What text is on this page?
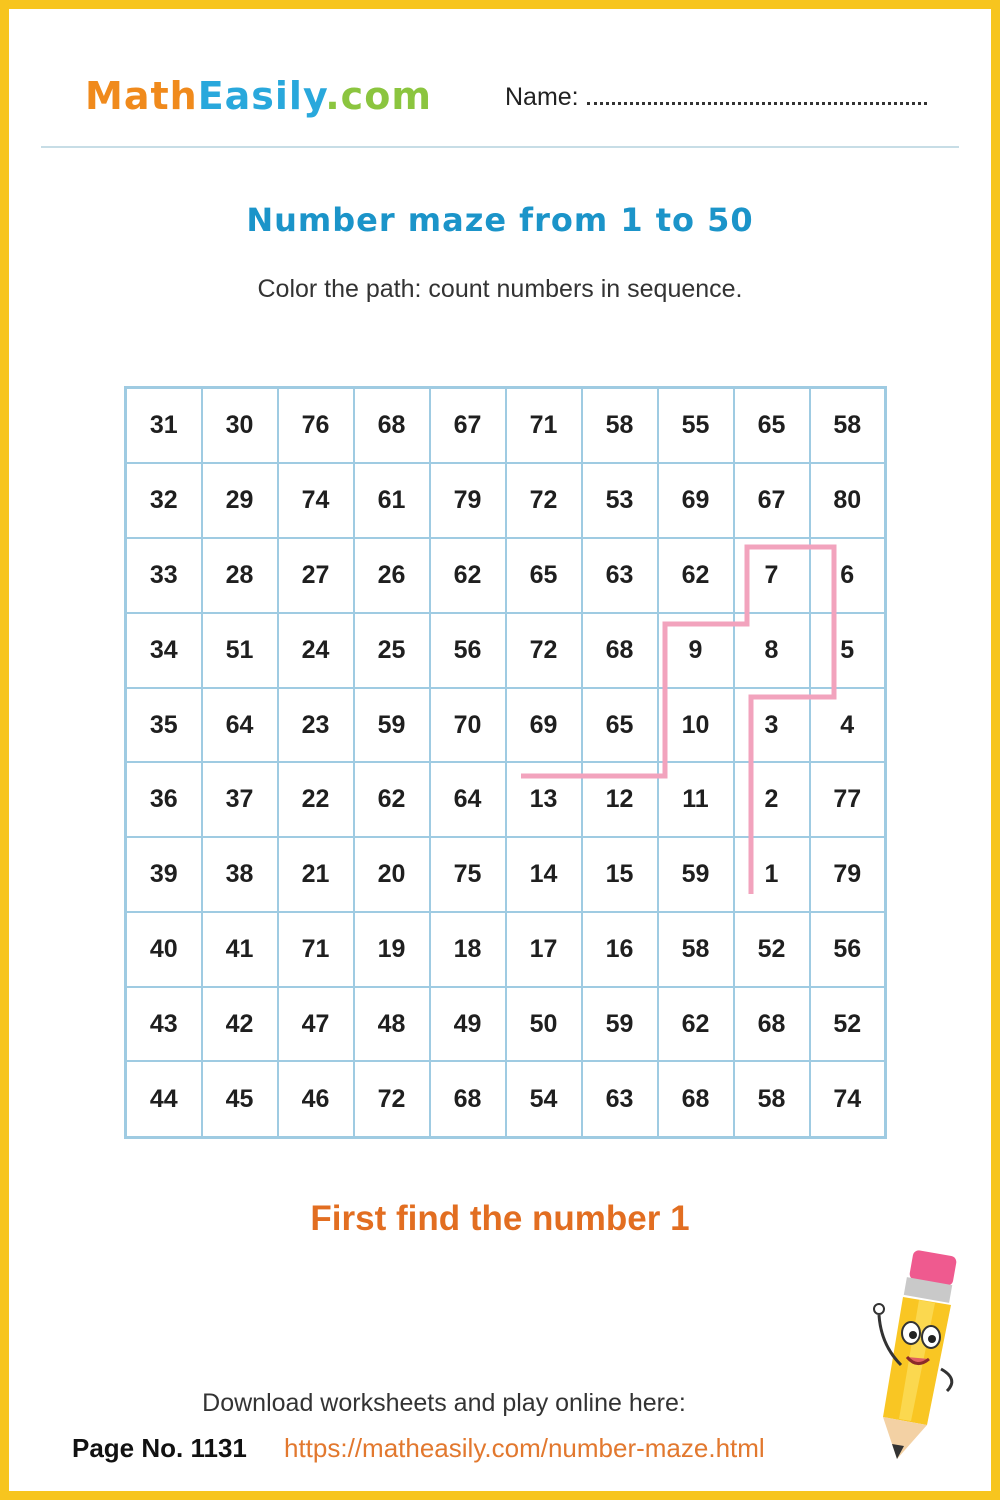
MathEasily.com	Name:
Number maze from 1 to 50
Color the path: count numbers in sequence.
31	30	76	68	67	71	58	55	65	58
32	29	74	61	79	72	53	69	67	80
33	28	27	26	62	65	63	62	7	6
34	51	24	25	56	72	68	9	8	5
35	64	23	59	70	69	65	10	3	4
36	37	22	62	64	13	12	11	2	77
39	38	21	20	75	14	15	59	1	79
40	41	71	19	18	17	16	58	52	56
43	42	47	48	49	50	59	62	68	52
44	45	46	72	68	54	63	68	58	74
First find the number 1
Download worksheets and play online here:
Page No. 1131 https://matheasily.com/number-maze.html
